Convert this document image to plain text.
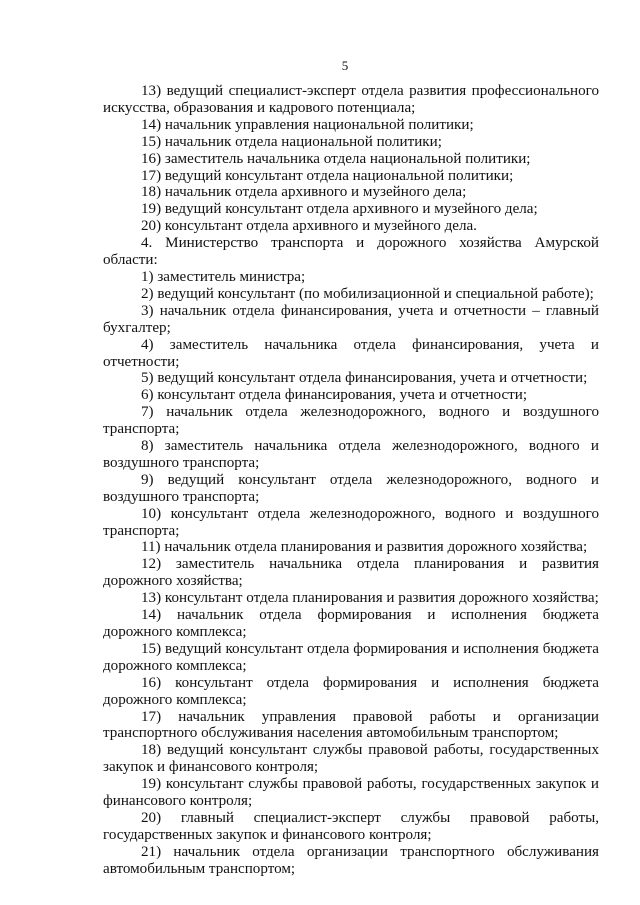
5

13) ведущий специалист-эксперт отдела развития профессионального искусства, образования и кадрового потенциала;

14) начальник управления национальной политики;

15) начальник отдела национальной политики;

16) заместитель начальника отдела национальной политики;

17) ведущий консультант отдела национальной политики;

18) начальник отдела архивного и музейного дела;

19) ведущий консультант отдела архивного и музейного дела;

20) консультант отдела архивного и музейного дела.

4. Министерство транспорта и дорожного хозяйства Амурской области:

1) заместитель министра;

2) ведущий консультант (по мобилизационной и специальной работе);

3) начальник отдела финансирования, учета и отчетности – главный бухгалтер;

4) заместитель начальника отдела финансирования, учета и отчетности;

5) ведущий консультант отдела финансирования, учета и отчетности;

6) консультант отдела финансирования, учета и отчетности;

7) начальник отдела железнодорожного, водного и воздушного транспорта;

8) заместитель начальника отдела железнодорожного, водного и воздушного транспорта;

9) ведущий консультант отдела железнодорожного, водного и воздушного транспорта;

10) консультант отдела железнодорожного, водного и воздушного транспорта;

11) начальник отдела планирования и развития дорожного хозяйства;

12) заместитель начальника отдела планирования и развития дорожного хозяйства;

13) консультант отдела планирования и развития дорожного хозяйства;

14) начальник отдела формирования и исполнения бюджета дорожного комплекса;

15) ведущий консультант отдела формирования и исполнения бюджета дорожного комплекса;

16) консультант отдела формирования и исполнения бюджета дорожного комплекса;

17) начальник управления правовой работы и организации транспортного обслуживания населения автомобильным транспортом;

18) ведущий консультант службы правовой работы, государственных закупок и финансового контроля;

19) консультант службы правовой работы, государственных закупок и финансового контроля;

20) главный специалист-эксперт службы правовой работы, государственных закупок и финансового контроля;

21) начальник отдела организации транспортного обслуживания автомобильным транспортом;
